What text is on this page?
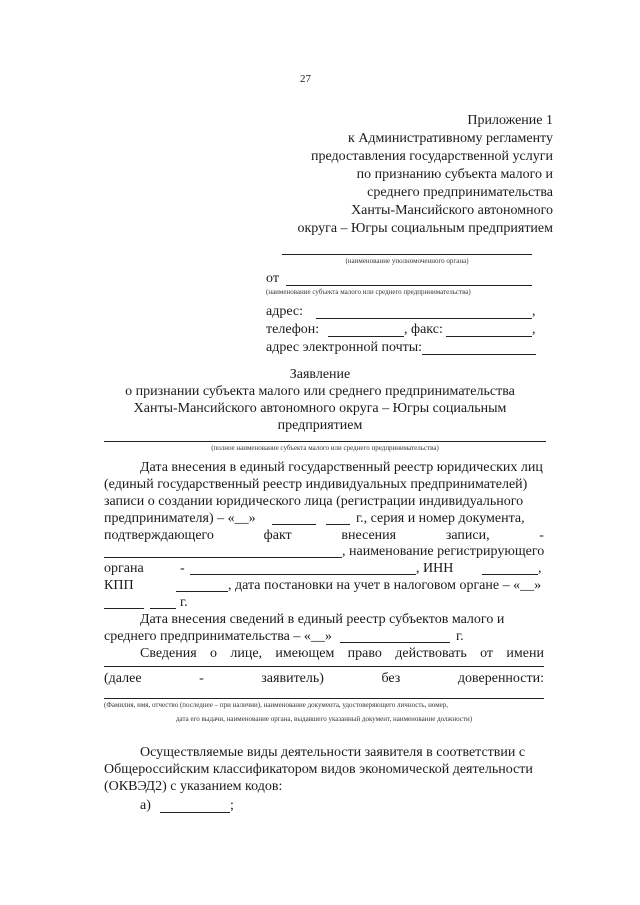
27
Приложение 1
к Административному регламенту
предоставления государственной услуги
по признанию субъекта малого и
среднего предпринимательства
Ханты-Мансийского автономного
округа – Югры социальным предприятием
(наименование уполномоченного органа)
от
(наименование субъекта малого или среднего предпринимательства)
адрес:	,
телефон:	, факс:	,
адрес электронной почты:
Заявление
о признании субъекта малого или среднего предпринимательства
Ханты-Мансийского автономного округа – Югры социальным
предприятием
(полное наименование субъекта малого или среднего предпринимательства)
Дата внесения в единый государственный реестр юридических лиц
(единый государственный реестр индивидуальных предпринимателей)
записи о создании юридического лица (регистрации индивидуального
предпринимателя) – «__»	г., серия и номер документа,
подтверждающего	факт	внесения	записи,	-
, наименование регистрирующего
органа	-	, ИНН	,
КПП	, дата постановки на учет в налоговом органе – «__»
г.
Дата внесения сведений в единый реестр субъектов малого и
среднего предпринимательства – «__»	г.
Сведения о лице, имеющем право действовать от имени
(далее	-	заявитель)	без	доверенности:
(Фамилия, имя, отчество (последнее – при наличии), наименование документа, удостоверяющего личность, номер,
дата его выдачи, наименование органа, выдавшего указанный документ, наименование должности)
Осуществляемые виды деятельности заявителя в соответствии с
Общероссийским классификатором видов экономической деятельности
(ОКВЭД2) с указанием кодов:
а)	;
